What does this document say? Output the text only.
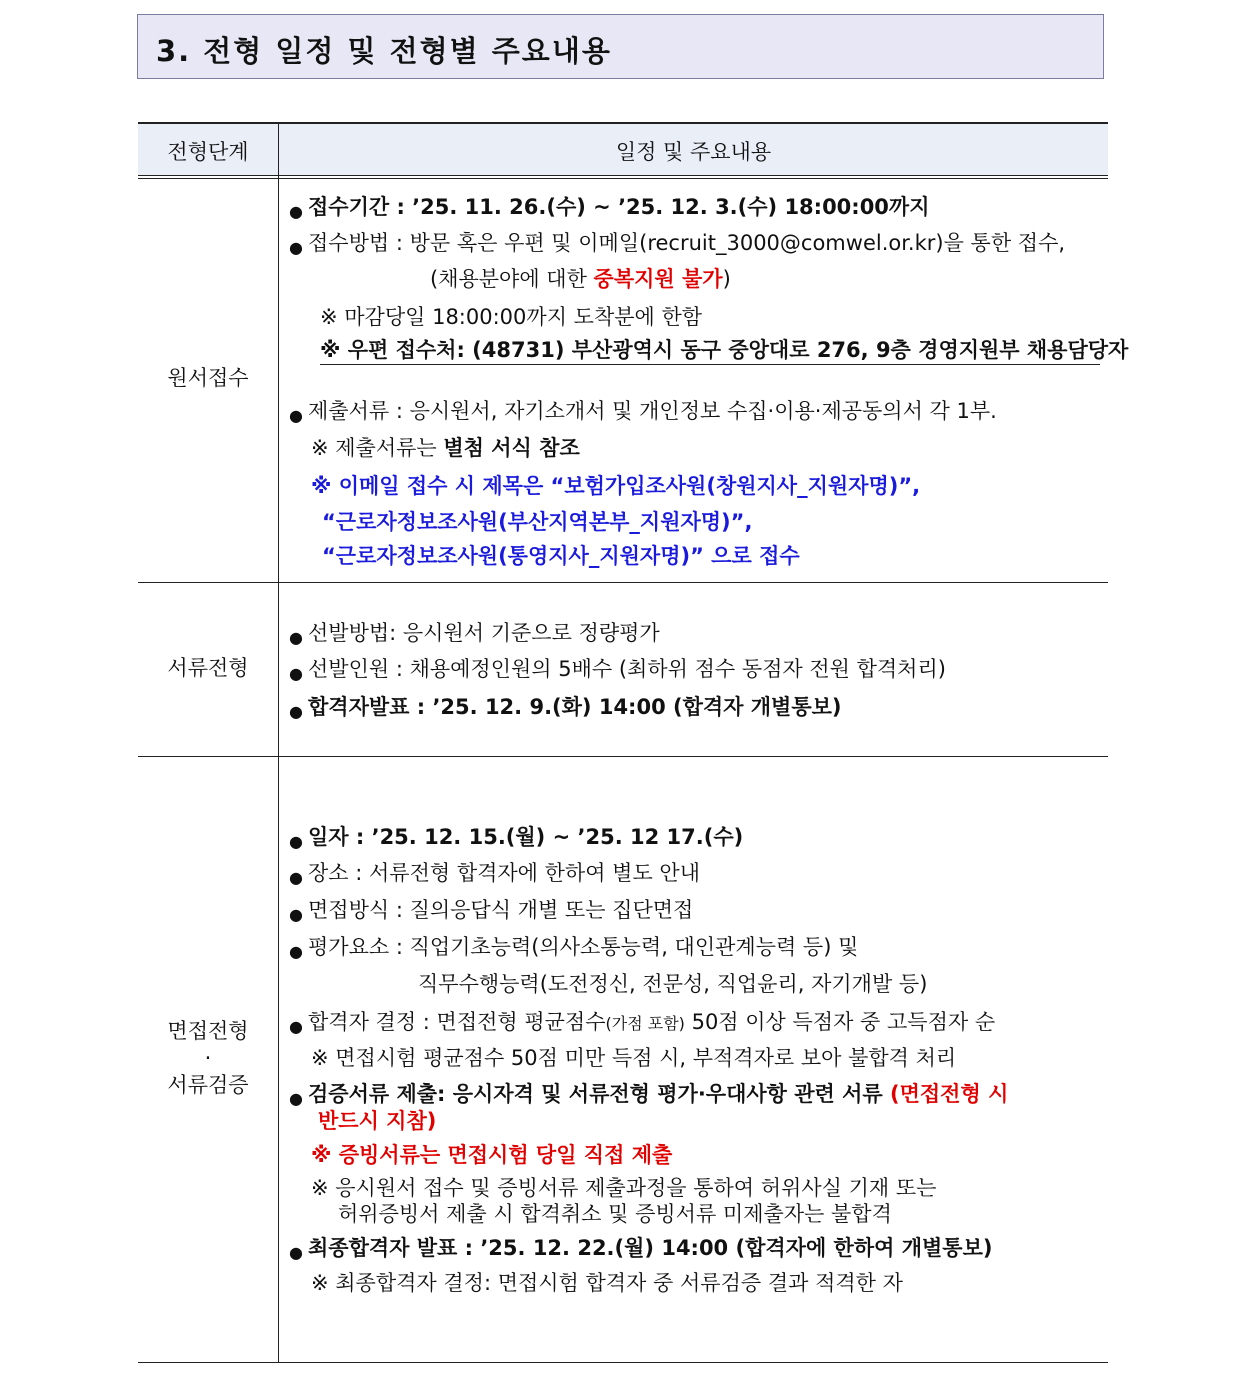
3. 전형 일정 및 전형별 주요내용
전형단계	일정 및 주요내용
원서접수
● 접수기간 : ’25. 11. 26.(수) ~ ’25. 12. 3.(수) 18:00:00까지
● 접수방법 : 방문 혹은 우편 및 이메일(recruit_3000@comwel.or.kr)을 통한 접수,
(채용분야에 대한 중복지원 불가)
※ 마감당일 18:00:00까지 도착분에 한함
※ 우편 접수처: (48731) 부산광역시 동구 중앙대로 276, 9층 경영지원부 채용담당자
● 제출서류 : 응시원서, 자기소개서 및 개인정보 수집·이용·제공동의서 각 1부.
※ 제출서류는 별첨 서식 참조
※ 이메일 접수 시 제목은 “보험가입조사원(창원지사_지원자명)”,
“근로자정보조사원(부산지역본부_지원자명)”,
“근로자정보조사원(통영지사_지원자명)” 으로 접수
서류전형
● 선발방법: 응시원서 기준으로 정량평가
● 선발인원 : 채용예정인원의 5배수 (최하위 점수 동점자 전원 합격처리)
● 합격자발표 : ’25. 12. 9.(화) 14:00 (합격자 개별통보)
면접전형
·
서류검증
● 일자 : ’25. 12. 15.(월) ~ ’25. 12 17.(수)
● 장소 : 서류전형 합격자에 한하여 별도 안내
● 면접방식 : 질의응답식 개별 또는 집단면접
● 평가요소 : 직업기초능력(의사소통능력, 대인관계능력 등) 및
직무수행능력(도전정신, 전문성, 직업윤리, 자기개발 등)
● 합격자 결정 : 면접전형 평균점수(가점 포함) 50점 이상 득점자 중 고득점자 순
※ 면접시험 평균점수 50점 미만 득점 시, 부적격자로 보아 불합격 처리
● 검증서류 제출: 응시자격 및 서류전형 평가·우대사항 관련 서류 (면접전형 시
반드시 지참)
※ 증빙서류는 면접시험 당일 직접 제출
※ 응시원서 접수 및 증빙서류 제출과정을 통하여 허위사실 기재 또는
허위증빙서 제출 시 합격취소 및 증빙서류 미제출자는 불합격
● 최종합격자 발표 : ’25. 12. 22.(월) 14:00 (합격자에 한하여 개별통보)
※ 최종합격자 결정: 면접시험 합격자 중 서류검증 결과 적격한 자
